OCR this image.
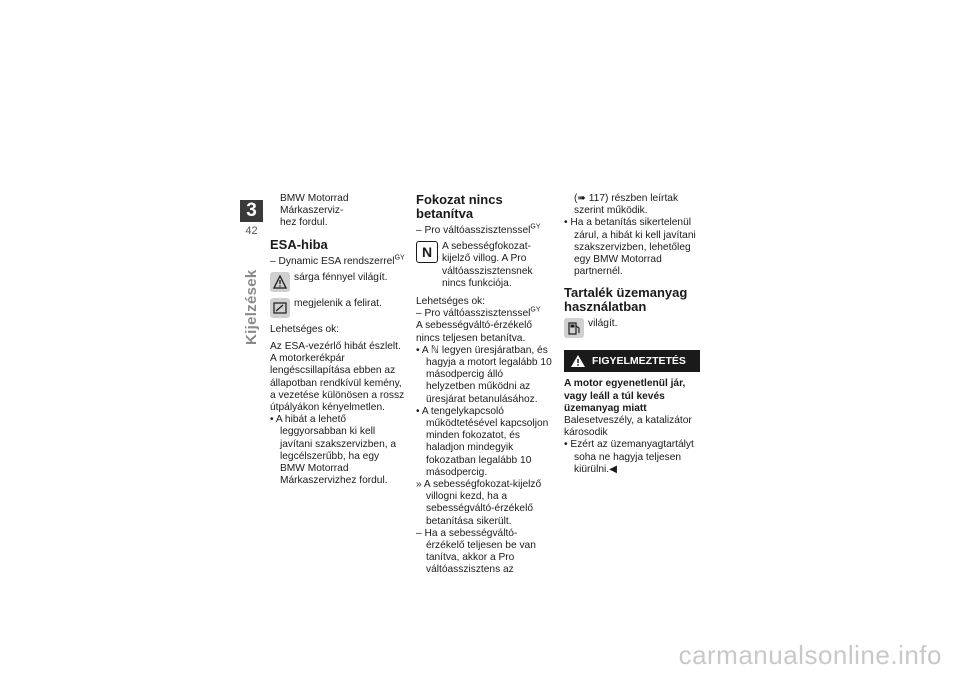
3
42
Kijelzések

BMW Motorrad Márkaszerviz-

hez fordul.

ESA-hiba

– Dynamic ESA rendszerrel$^{GY}$

sárga fénnyel világít.
megjelenik a felirat.

Lehetséges ok:

Az ESA-vezérlő hibát észlelt. A motorkerékpár lengéscsillapítása ebben az állapotban rendkívül kemény, a vezetése különösen a rossz útpályákon kényelmetlen.

• A hibát a lehető leggyorsabban ki kell javítani szakszervizben, a legcélszerűbb, ha egy BMW Motorrad Márkaszervizhez fordul.

Fokozat nincs betanítva

– Pro váltóasszisztenssel$^{GY}$

N A sebességfokozat-kijelző villog. A Pro váltóasszisztensnek nincs funkciója.

Lehetséges ok:

– Pro váltóasszisztenssel$^{GY}$

A sebességváltó-érzékelő nincs teljesen betanítva.

• A ℕ legyen üresjáratban, és hagyja a motort legalább 10 másodpercig álló helyzetben működni az üresjárat betanulásához.

• A tengelykapcsoló működtetésével kapcsoljon minden fokozatot, és haladjon mindegyik fokozatban legalább 10 másodpercig.

» A sebességfokozat-kijelző villogni kezd, ha a sebességváltó-érzékelő betanítása sikerült.

– Ha a sebességváltó-érzékelő teljesen be van tanítva, akkor a Pro váltóasszisztens az

(➠ 117) részben leírtak szerint működik.

• Ha a betanítás sikertelenül zárul, a hibát ki kell javítani szakszervizben, lehetőleg egy BMW Motorrad partnernél.

Tartalék üzemanyag használatban
világít.
FIGYELMEZTETÉS

A motor egyenetlenül jár, vagy leáll a túl kevés üzemanyag miatt

Balesetveszély, a katalizátor károsodik

• Ezért az üzemanyagtartályt soha ne hagyja teljesen kiürülni.◀

carmanualsonline.info
